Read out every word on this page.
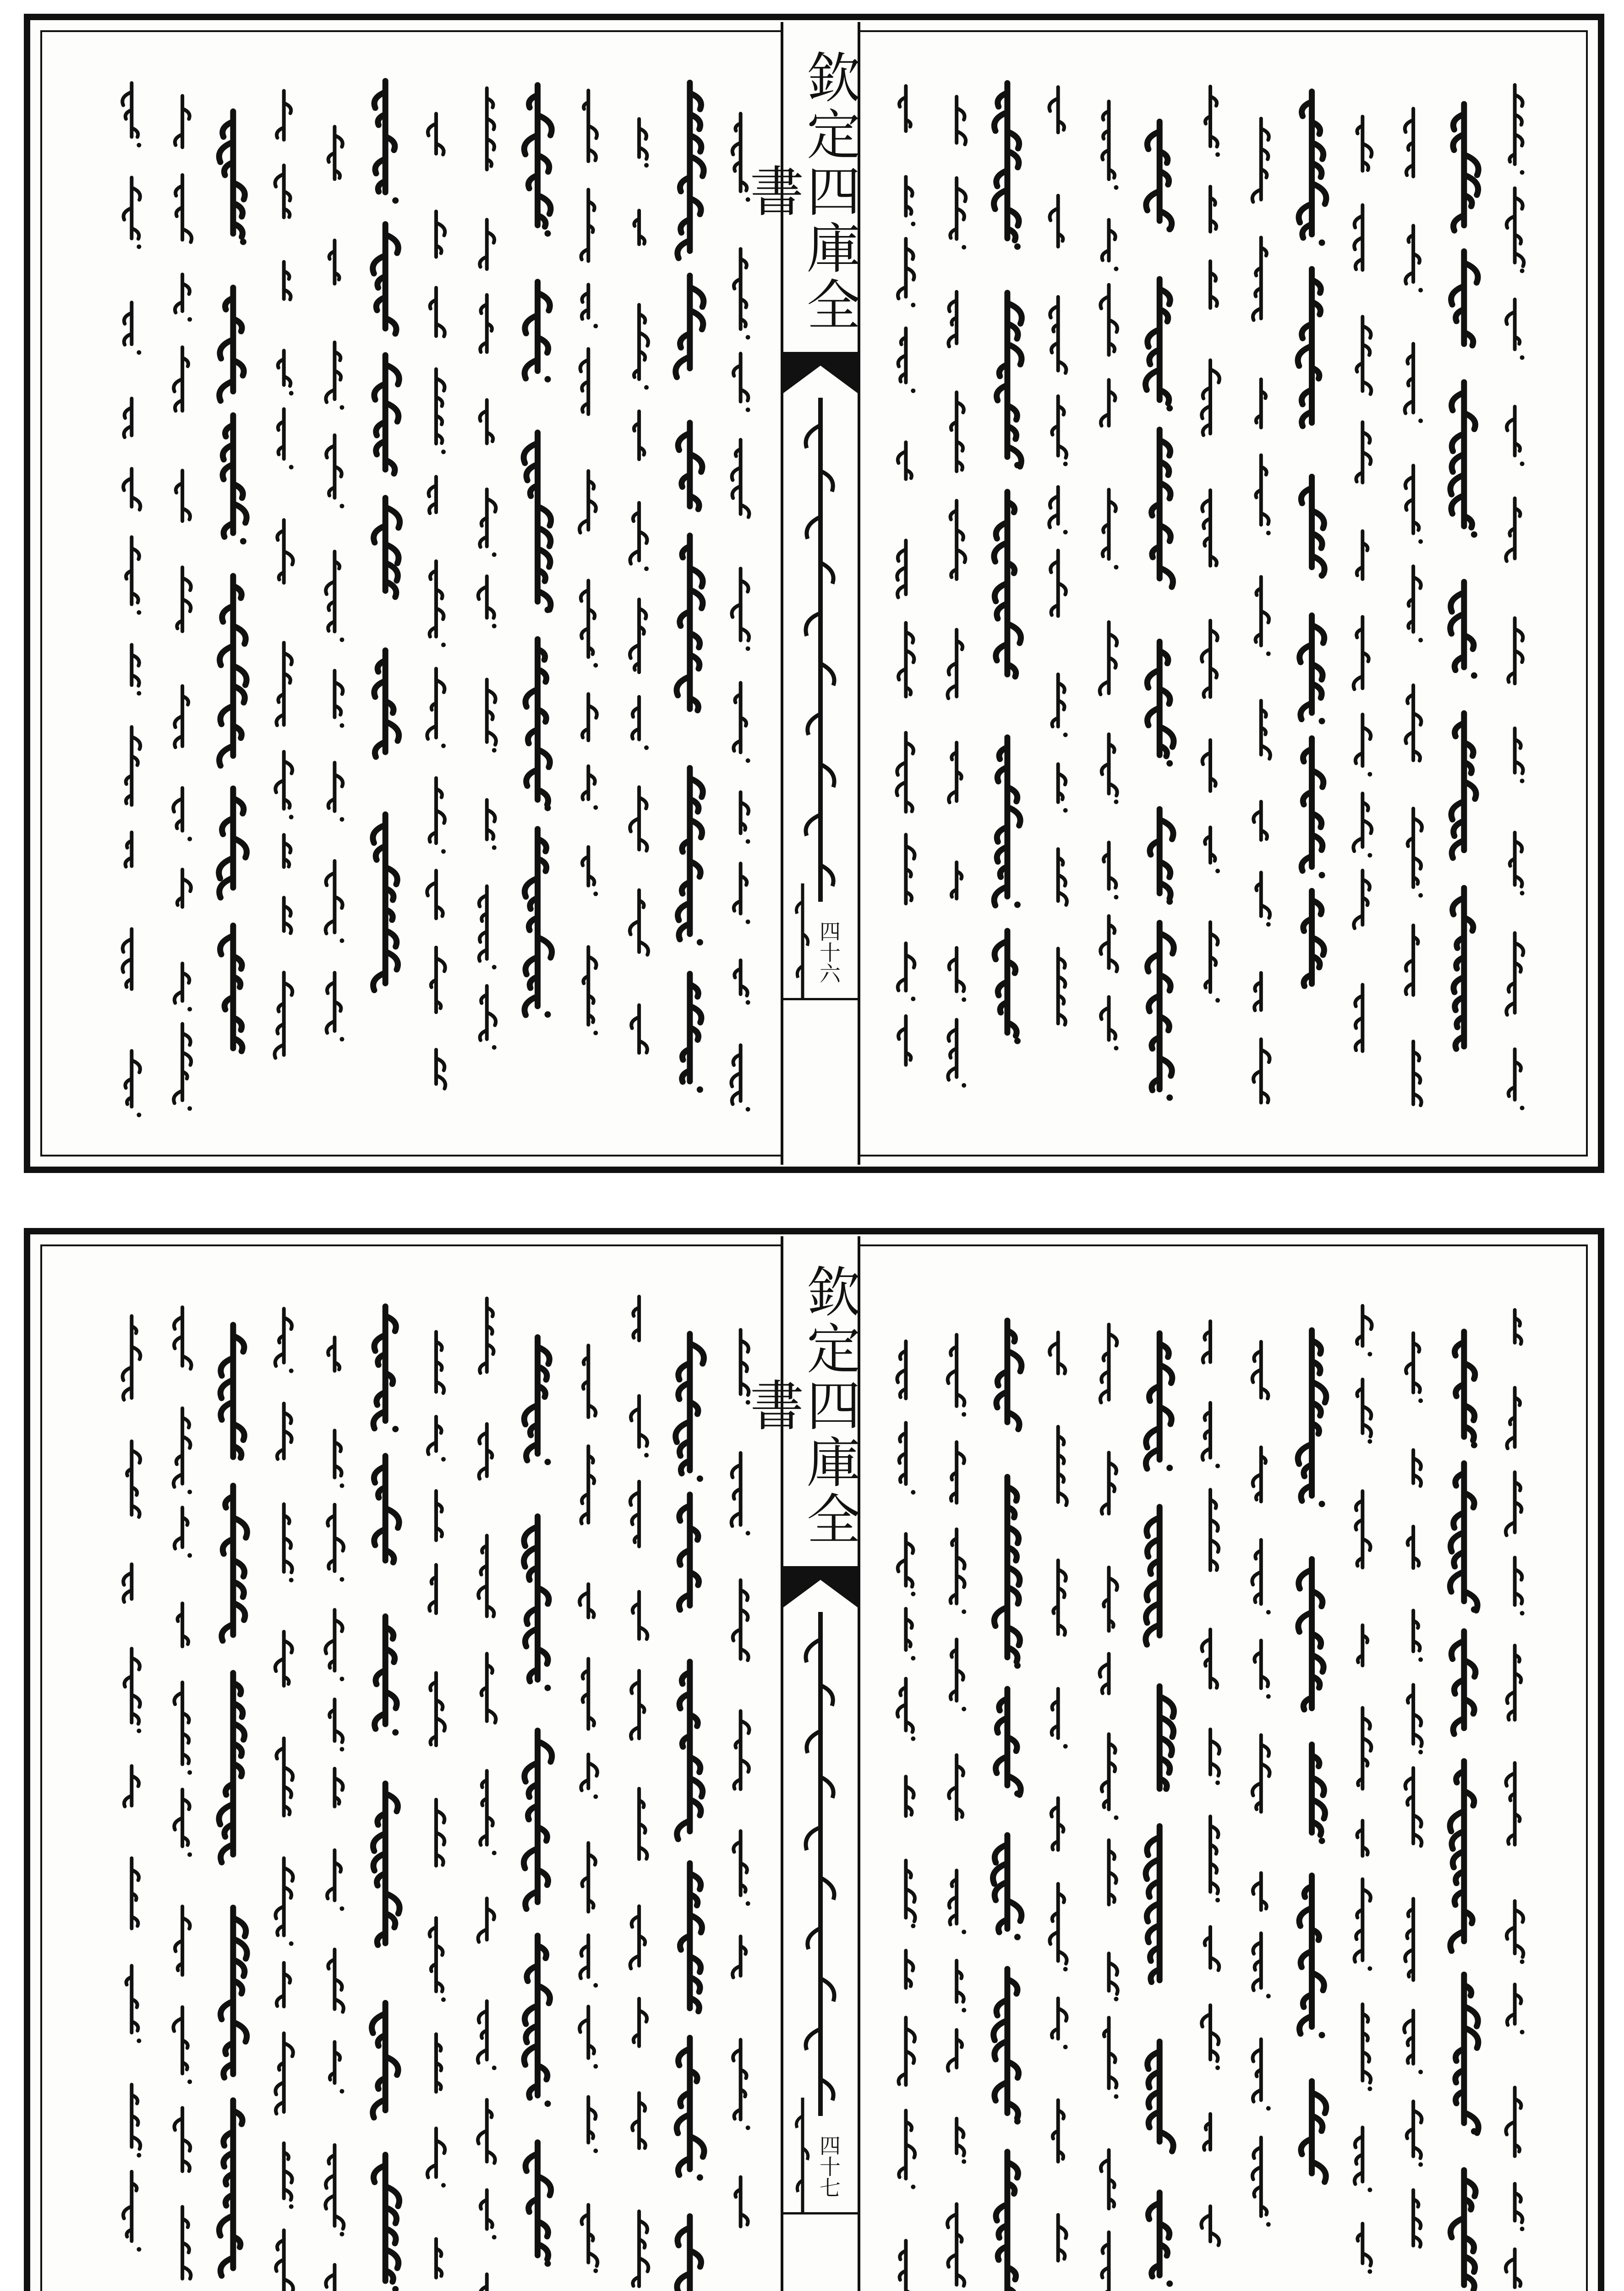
欽定四庫全書
四十六
欽定四庫全書
四十七
